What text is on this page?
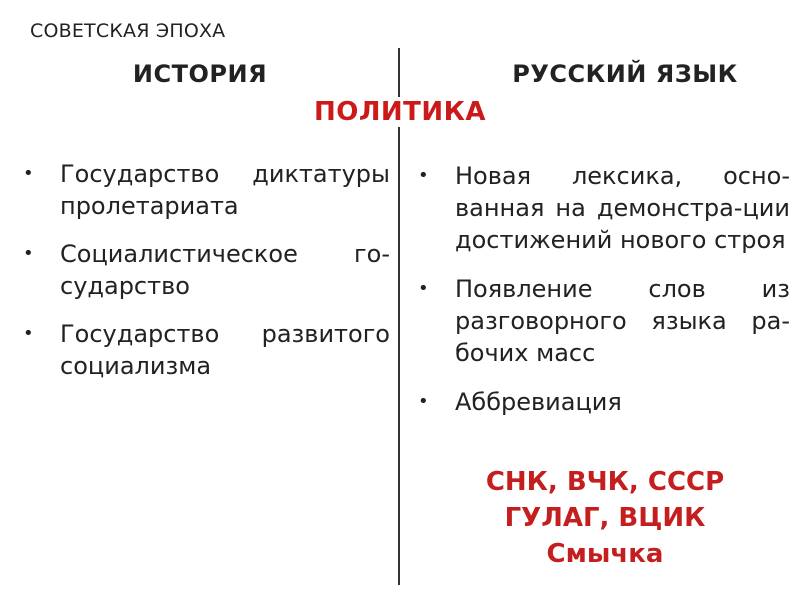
СОВЕТСКАЯ ЭПОХА
ИСТОРИЯ	РУССКИЙ ЯЗЫК
ПОЛИТИКА
• Государство диктатуры пролетариата
• Социалистическое го-сударство
• Государство развитого социализма
• Новая лексика, осно-ванная на демонстра-ции достижений нового строя
• Появление слов из разговорного языка ра-бочих масс
• Аббревиация
СНК, ВЧК, СССР
ГУЛАГ, ВЦИК
Смычка
